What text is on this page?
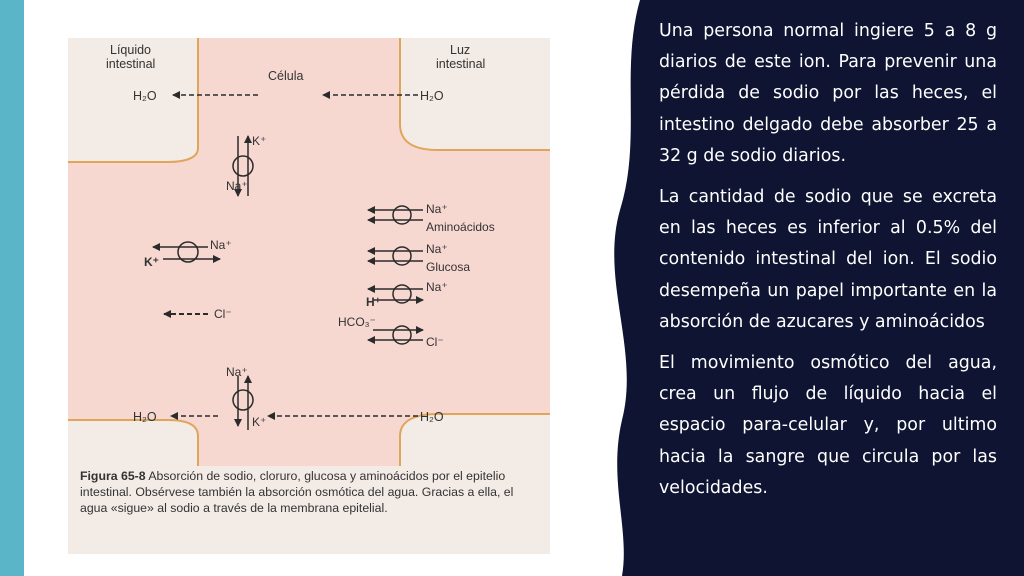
Líquido
intestinal
Célula
Luz
intestinal
H₂O	H₂O
K⁺
Na⁺
Na⁺
Aminoácidos
Na⁺
Glucosa
Na⁺
H⁺
HCO₃⁻
Cl⁻
Na⁺
K⁺
Cl⁻
Na⁺
K⁺
H₂O	H₂O
Figura 65-8 Absorción de sodio, cloruro, glucosa y aminoácidos por el epitelio intestinal. Obsérvese también la absorción osmótica del agua. Gracias a ella, el agua «sigue» al sodio a través de la membrana epitelial.

Una persona normal ingiere 5 a 8 g diarios de este ion. Para prevenir una pérdida de sodio por las heces, el intestino delgado debe absorber 25 a 32 g de sodio diarios.

La cantidad de sodio que se excreta en las heces es inferior al 0.5% del contenido intestinal del ion. El sodio desempeña un papel importante en la absorción de azucares y aminoácidos

El movimiento osmótico del agua, crea un flujo de líquido hacia el espacio para-celular y, por ultimo hacia la sangre que circula por las velocidades.
